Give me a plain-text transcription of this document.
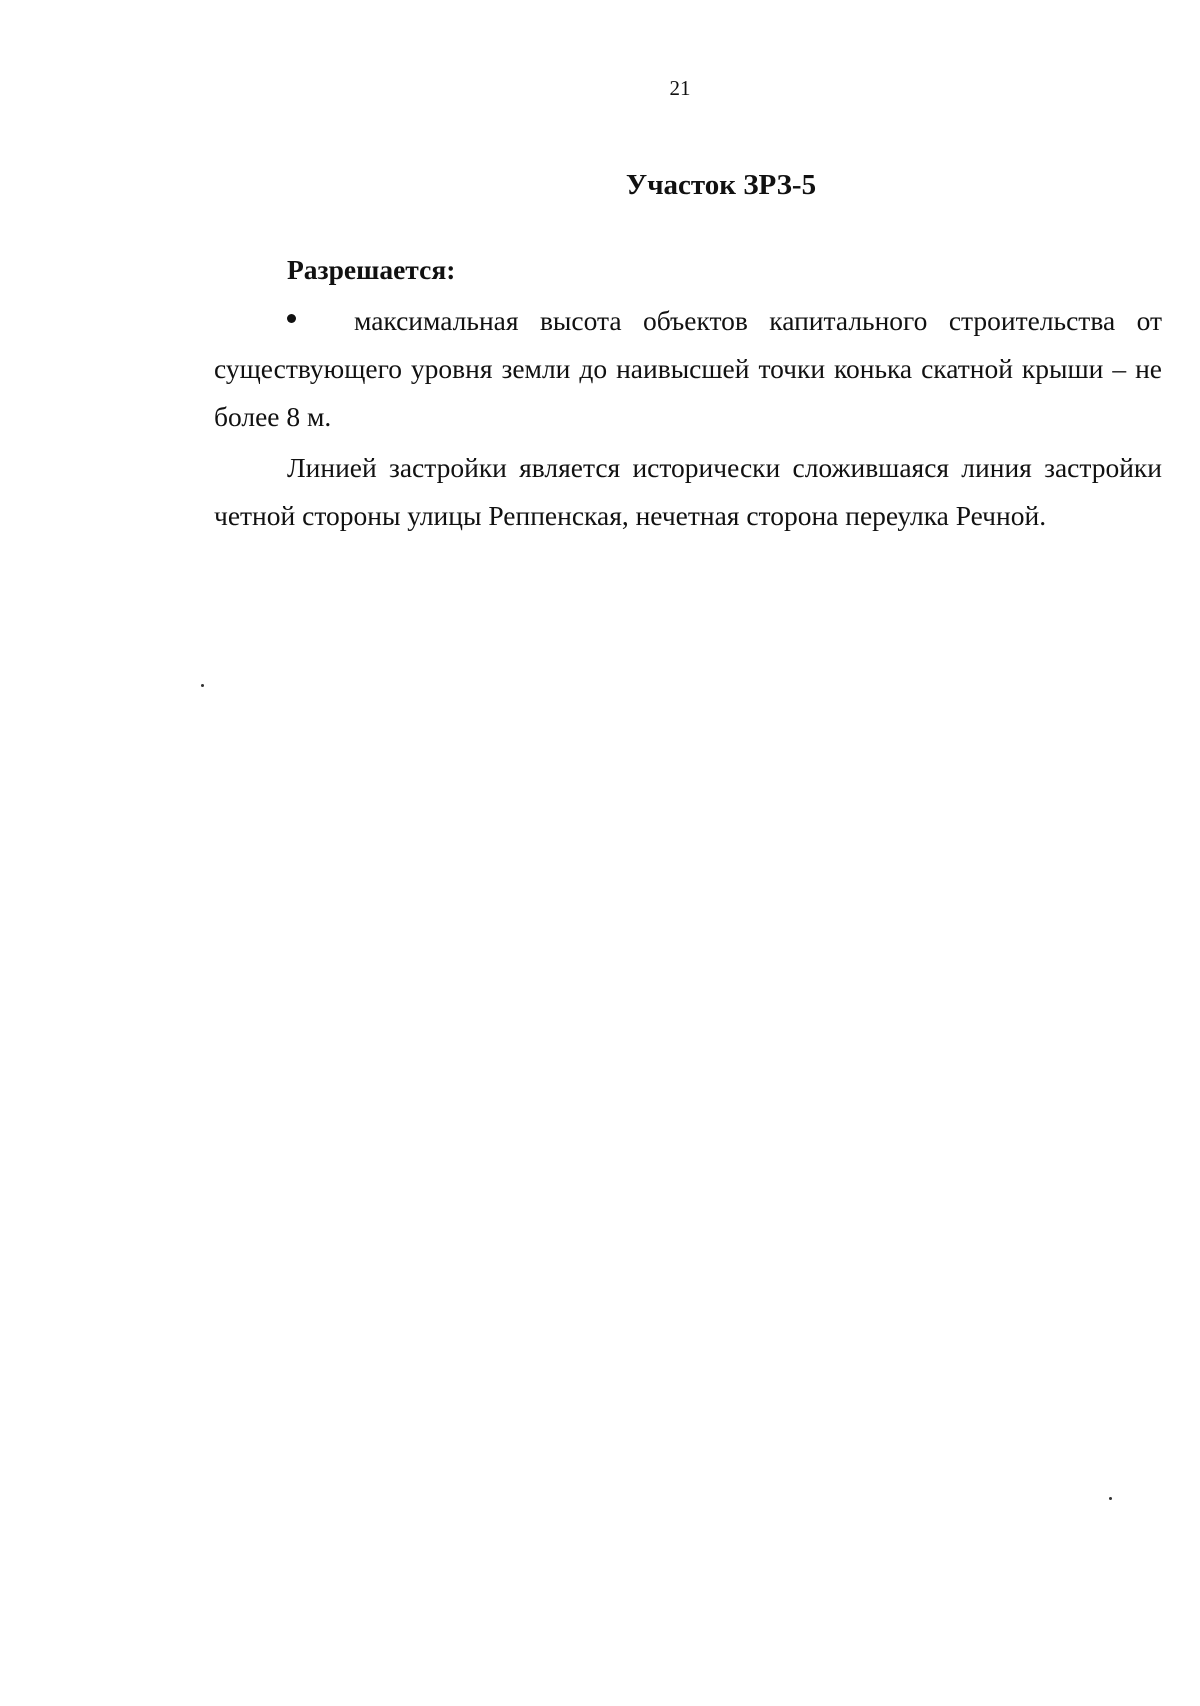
21
Участок ЗРЗ-5
Разрешается:
максимальная высота объектов капитального строительства от существующего уровня земли до наивысшей точки конька скатной крыши – не более 8 м.
Линией застройки является исторически сложившаяся линия застройки четной стороны улицы Реппенская, нечетная сторона переулка Речной.
